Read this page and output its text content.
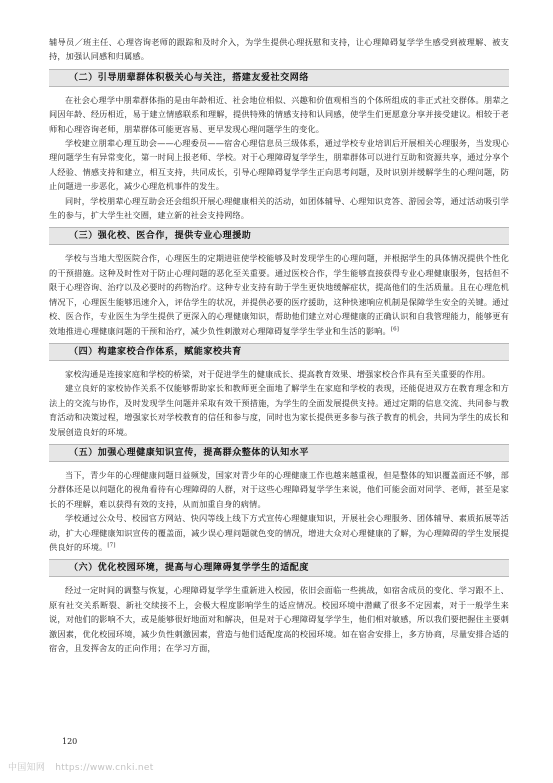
辅导员／班主任、心理咨询老师的跟踪和及时介入，为学生提供心理抚慰和支持，让心理障碍复学学生感受到被理解、被支持，加强认同感和归属感。

（二）引导朋辈群体积极关心与关注，搭建友爱社交网络

在社会心理学中朋辈群体指的是由年龄相近、社会地位相似、兴趣和价值观相当的个体所组成的非正式社交群体。朋辈之间因年龄、经历相近，易于建立情感联系和理解，提供特殊的情感支持和认同感，使学生们更愿意分享并接受建议。相较于老师和心理咨询老师，朋辈群体可能更容易、更早发现心理问题学生的变化。

学校建立朋辈心理互助会——心理委员——宿舍心理信息员三级体系，通过学校专业培训后开展相关心理服务，当发现心理问题学生有异常变化，第一时间上报老师、学校。对于心理障碍复学学生，朋辈群体可以进行互助和资源共享，通过分享个人经验、情感支持和建立，相互支持，共同成长，引导心理障碍复学学生正向思考问题，及时识别并缓解学生的心理问题，防止问题进一步恶化，减少心理危机事件的发生。

同时，学校朋辈心理互助会还会组织开展心理健康相关的活动，如团体辅导、心理知识竞答、游园会等，通过活动吸引学生的参与，扩大学生社交圈，建立新的社会支持网络。

（三）强化校、医合作，提供专业心理援助

学校与当地大型医院合作，心理医生的定期进驻使学校能够及时发现学生的心理问题，并根据学生的具体情况提供个性化的干预措施。这种及时性对于防止心理问题的恶化至关重要。通过医校合作，学生能够直接获得专业心理健康服务，包括但不限于心理咨询、治疗以及必要时的药物治疗。这种专业支持有助于学生更快地缓解症状，提高他们的生活质量。且在心理危机情况下，心理医生能够迅速介入，评估学生的状况，并提供必要的医疗援助，这种快速响应机制是保障学生安全的关键。通过校、医合作，专业医生为学生提供了更深入的心理健康知识，帮助他们建立对心理健康的正确认识和自我管理能力，能够更有效地推进心理健康问题的干预和治疗，减少负性刺激对心理障碍复学学生学业和生活的影响。[6]

（四）构建家校合作体系，赋能家校共育

家校沟通是连接家庭和学校的桥梁，对于促进学生的健康成长、提高教育效果、增强家校合作具有至关重要的作用。

建立良好的家校协作关系不仅能够帮助家长和教师更全面地了解学生在家庭和学校的表现，还能促进双方在教育理念和方法上的交流与协作，及时发现学生问题并采取有效干预措施，为学生的全面发展提供支持。通过定期的信息交流、共同参与教育活动和决策过程，增强家长对学校教育的信任和参与度，同时也为家长提供更多参与孩子教育的机会，共同为学生的成长和发展创造良好的环境。

（五）加强心理健康知识宣传，提高群众整体的认知水平

当下，青少年的心理健康问题日益频发，国家对青少年的心理健康工作也越来越重视，但是整体的知识覆盖面还不够，部分群体还是以问题化的视角看待有心理障碍的人群，对于这些心理障碍复学学生来说，他们可能会面对同学、老师，甚至是家长的不理解，难以获得有效的支持，从而加重自身的病情。

学校通过公众号、校园官方网站、快闪等线上线下方式宣传心理健康知识，开展社会心理服务、团体辅导、素质拓展等活动，扩大心理健康知识宣传的覆盖面，减少误心理问题就色变的情况，增进大众对心理健康的了解，为心理障碍的学生发展提供良好的环境。[7]

（六）优化校园环境，提高与心理障碍复学学生的适配度

经过一定时间的调整与恢复，心理障碍复学学生重新进入校园，依旧会面临一些挑战，如宿舍成员的变化、学习跟不上、原有社交关系断裂、新社交续接不上，会极大程度影响学生的适应情况。校园环境中潜藏了很多不定因素，对于一般学生来说，对他们的影响不大，或是能够很好地面对和解决，但是对于心理障碍复学学生，他们相对敏感，所以我们要把握住主要刺激因素，优化校园环境，减少负性刺激因素，营造与他们适配度高的校园环境。如在宿舍安排上，多方协商，尽量安排合适的宿舍，且发挥舍友的正向作用；在学习方面，

120
中国知网 https://www.cnki.net
